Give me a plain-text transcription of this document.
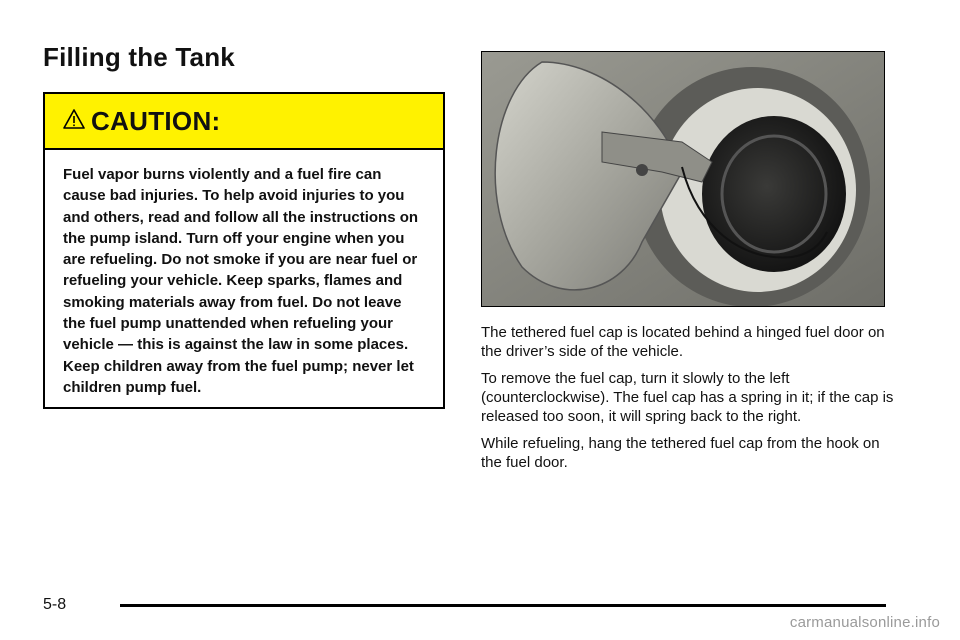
Filling the Tank
CAUTION:

Fuel vapor burns violently and a fuel fire can cause bad injuries. To help avoid injuries to you and others, read and follow all the instructions on the pump island. Turn off your engine when you are refueling. Do not smoke if you are near fuel or refueling your vehicle. Keep sparks, flames and smoking materials away from fuel. Do not leave the fuel pump unattended when refueling your vehicle — this is against the law in some places. Keep children away from the fuel pump; never let children pump fuel.

The tethered fuel cap is located behind a hinged fuel door on the driver’s side of the vehicle.

To remove the fuel cap, turn it slowly to the left (counterclockwise). The fuel cap has a spring in it; if the cap is released too soon, it will spring back to the right.

While refueling, hang the tethered fuel cap from the hook on the fuel door.

5-8
carmanualsonline.info
